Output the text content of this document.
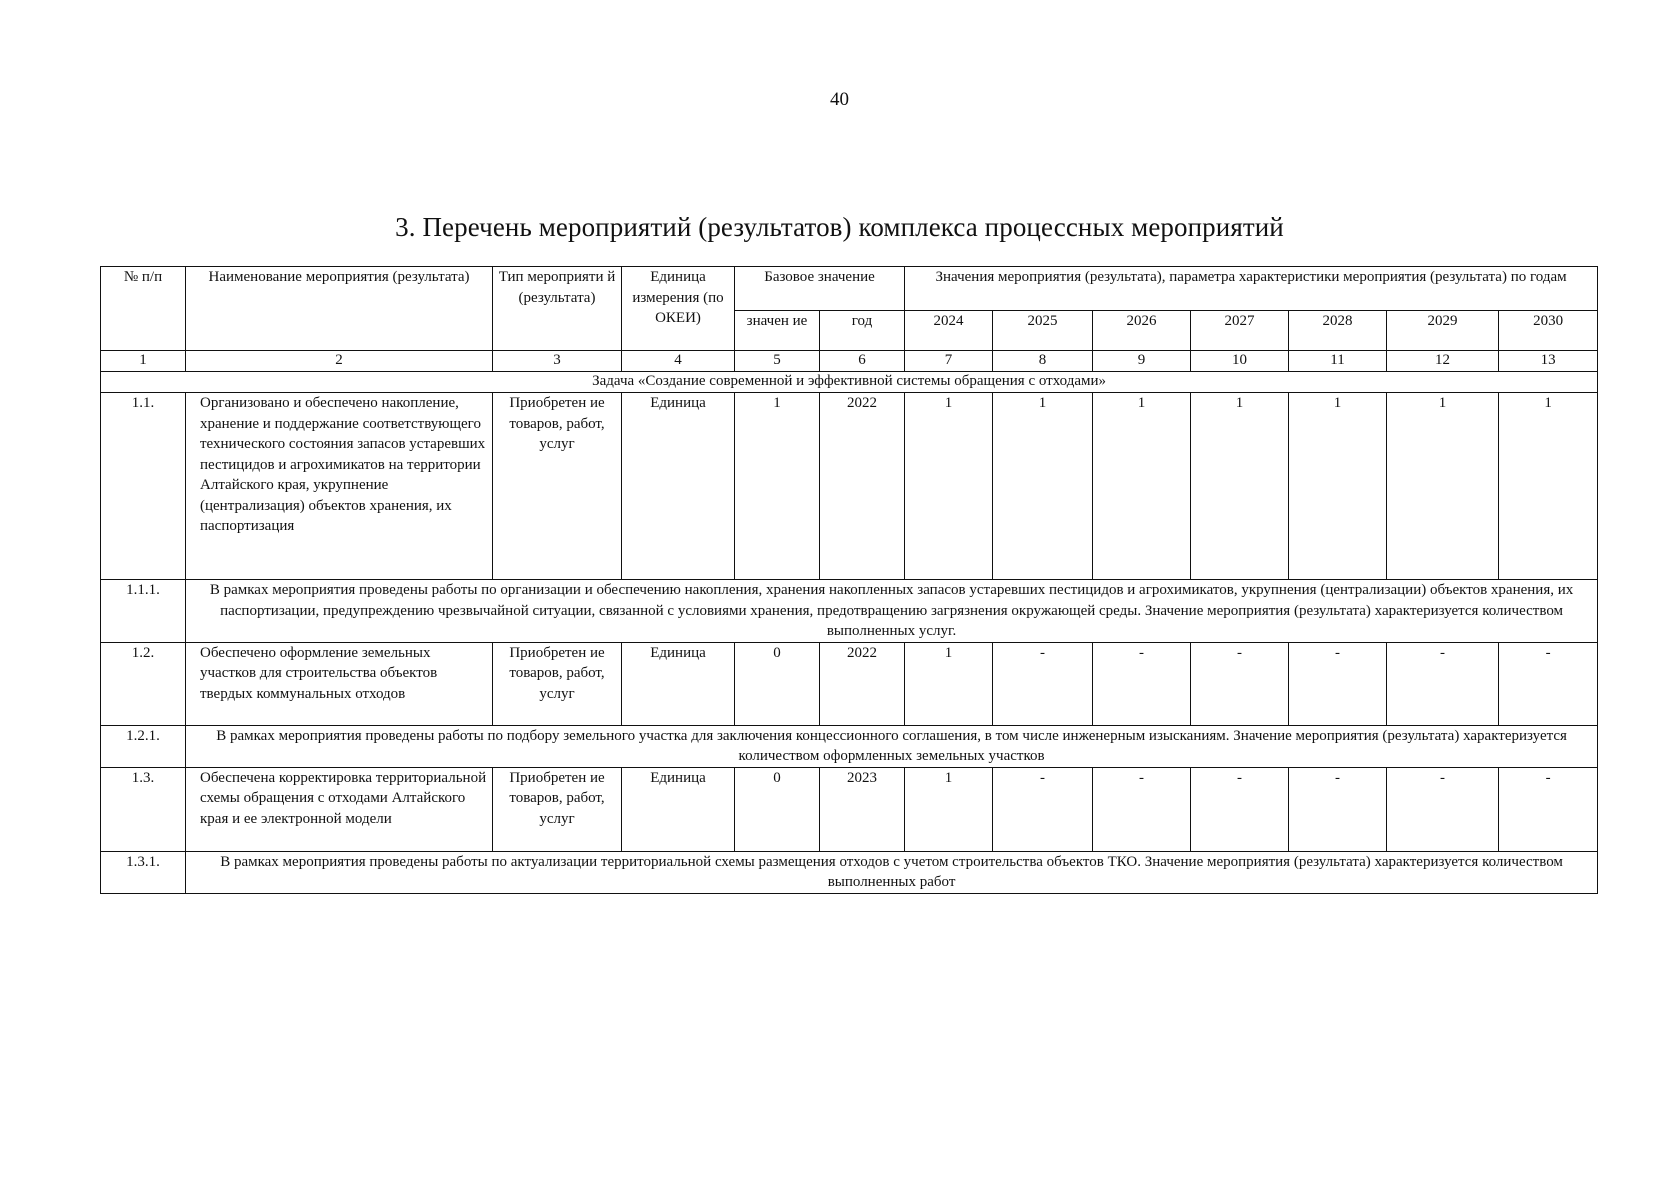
40
3. Перечень мероприятий (результатов) комплекса процессных мероприятий
№ п/п	Наименование мероприятия (результата)	Тип мероприяти й (результата)	Единица измерения (по ОКЕИ)	Базовое значение		Значения мероприятия (результата), параметра характеристики мероприятия (результата) по годам						
				значен ие	год	2024	2025	2026	2027	2028	2029	2030
1	2	3	4	5	6	7	8	9	10	11	12	13
Задача «Создание современной и эффективной системы обращения с отходами»												
1.1.	Организовано и обеспечено накопление, хранение и поддержание соответствующего технического состояния запасов устаревших пестицидов и агрохимикатов на территории Алтайского края, укрупнение (централизация) объектов хранения, их паспортизация	Приобретен ие товаров, работ, услуг	Единица	1	2022	1	1	1	1	1	1	1
1.1.1.	В рамках мероприятия проведены работы по организации и обеспечению накопления, хранения накопленных запасов устаревших пестицидов и агрохимикатов, укрупнения (централизации) объектов хранения, их паспортизации, предупреждению чрезвычайной ситуации, связанной с условиями хранения, предотвращению загрязнения окружающей среды. Значение мероприятия (результата) характеризуется количеством выполненных услуг.											
1.2.	Обеспечено оформление земельных участков для строительства объектов твердых коммунальных отходов	Приобретен ие товаров, работ, услуг	Единица	0	2022	1	-	-	-	-	-	-
1.2.1.	В рамках мероприятия проведены работы по подбору земельного участка для заключения концессионного соглашения, в том числе инженерным изысканиям. Значение мероприятия (результата) характеризуется количеством оформленных земельных участков											
1.3.	Обеспечена корректировка территориальной схемы обращения с отходами Алтайского края и ее электронной модели	Приобретен ие товаров, работ, услуг	Единица	0	2023	1	-	-	-	-	-	-
1.3.1.	В рамках мероприятия проведены работы по актуализации территориальной схемы размещения отходов с учетом строительства объектов ТКО. Значение мероприятия (результата) характеризуется количеством выполненных работ											
